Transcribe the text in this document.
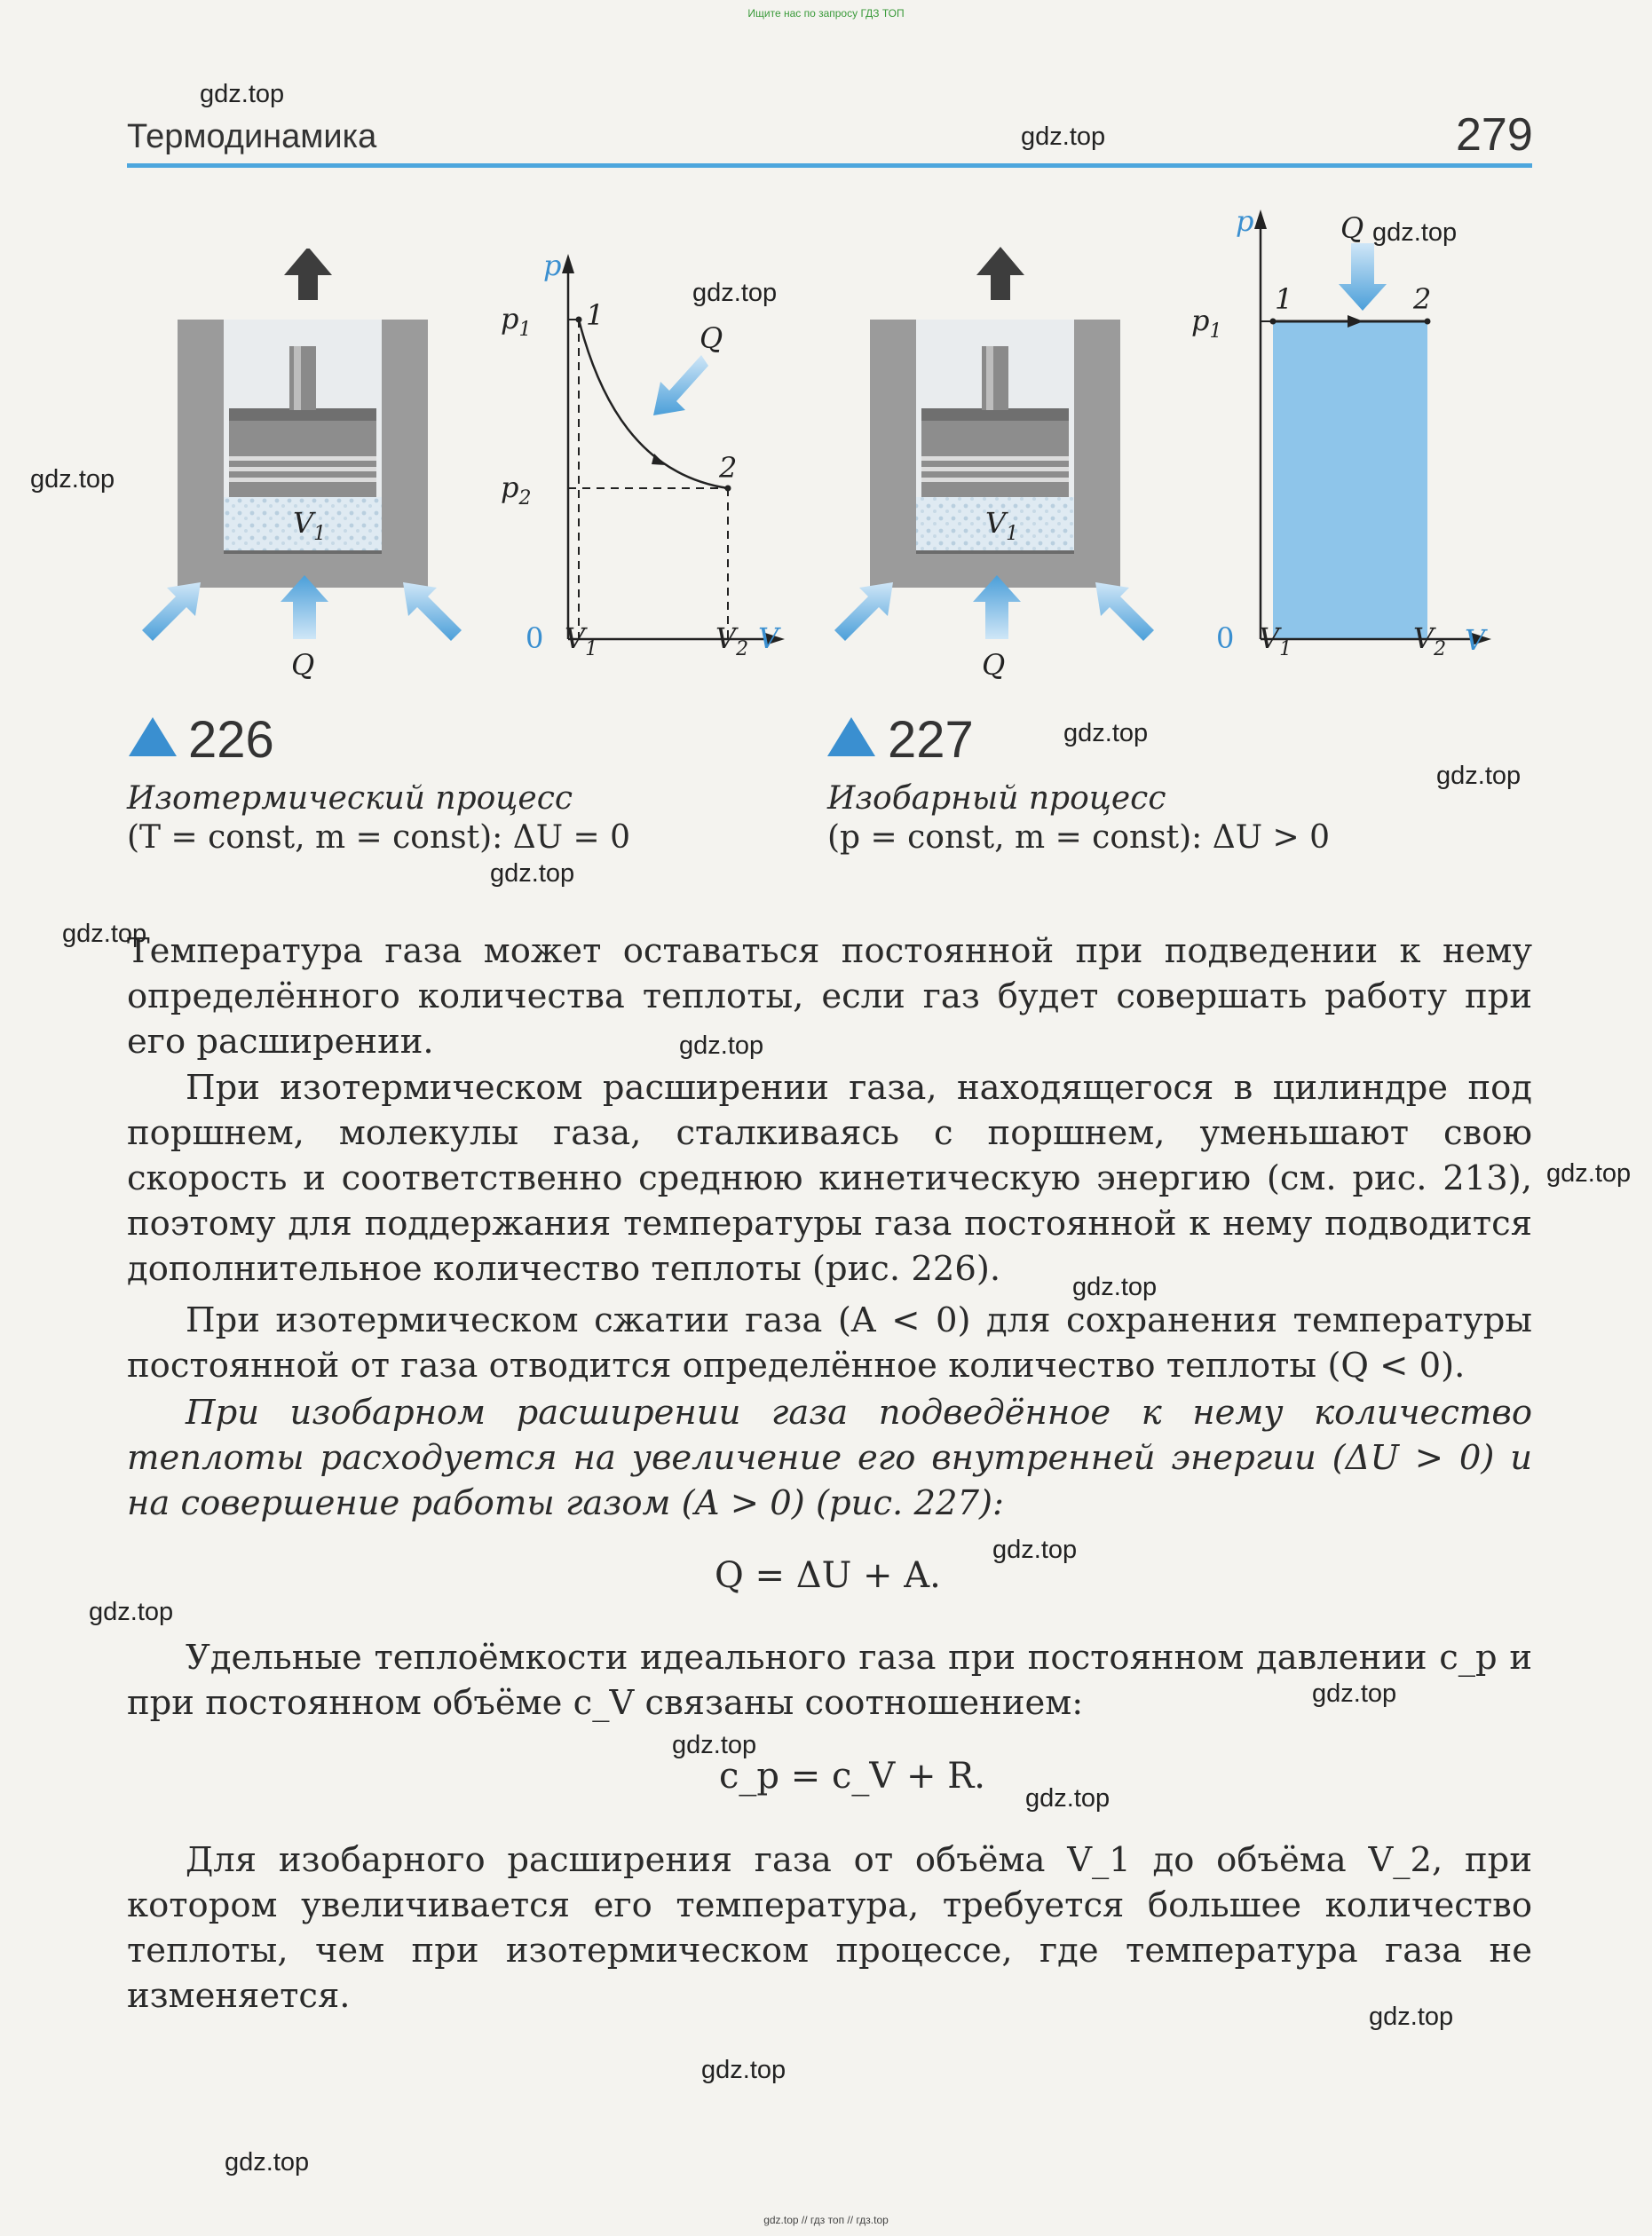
Ищите нас по запросу ГДЗ ТОП
gdz.top // гдз топ // гдз.top
Термодинамика	279
$V_1$
Q
p
V
0
$p_1$
$p_2$
$V_1$	$V_2$
1
2
Q
$V_1$
Q
p
V
0
$p_1$
$V_1$	$V_2$
1	2
Q
226	227
Изотермический процесс
(T = const, m = const): ΔU = 0
Изобарный процесс
(p = const, m = const): ΔU > 0
Температура газа может оставаться постоянной при подведении к нему определённого количества теплоты, если газ будет совершать работу при его расширении.
При изотермическом расширении газа, находящегося в цилиндре под поршнем, молекулы газа, сталкиваясь с поршнем, уменьшают свою скорость и соответственно среднюю кинетическую энергию (см. рис. 213), поэтому для поддержания температуры газа постоянной к нему подводится дополнительное количество теплоты (рис. 226).
При изотермическом сжатии газа (A < 0) для сохранения температуры постоянной от газа отводится определённое количество теплоты (Q < 0).
При изобарном расширении газа подведённое к нему количество теплоты расходуется на увеличение его внутренней энергии (ΔU > 0) и на совершение работы газом (A > 0) (рис. 227):
Q = ΔU + A.
Удельные теплоёмкости идеального газа при постоянном давлении c_p и при постоянном объёме c_V связаны соотношением:
c_p = c_V + R.
Для изобарного расширения газа от объёма V_1 до объёма V_2, при котором увеличивается его температура, требуется большее количество теплоты, чем при изотермическом процессе, где температура газа не изменяется.
gdz.top
gdz.top
gdz.top
gdz.top
gdz.top
gdz.top
gdz.top
gdz.top
gdz.top
gdz.top
gdz.top
gdz.top
gdz.top
gdz.top
gdz.top
gdz.top
gdz.top
gdz.top
gdz.top
gdz.top
